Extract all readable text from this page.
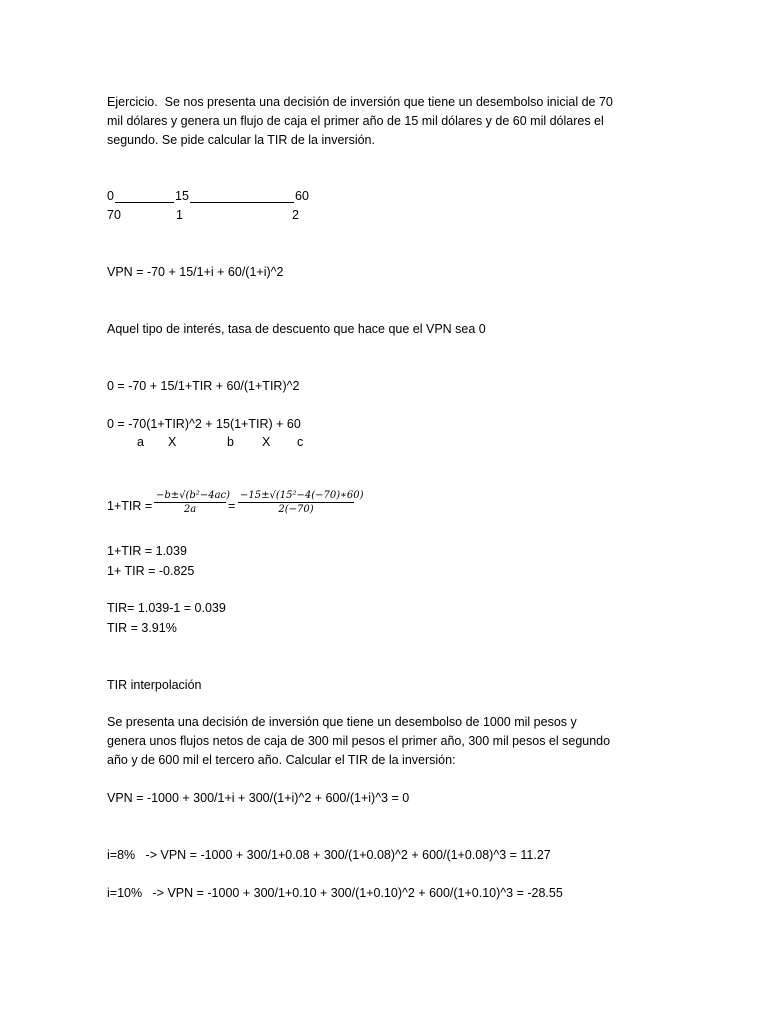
Ejercicio.  Se nos presenta una decisión de inversión que tiene un desembolso inicial de 70
mil dólares y genera un flujo de caja el primer año de 15 mil dólares y de 60 mil dólares el
segundo. Se pide calcular la TIR de la inversión.
0	15	60
70	1	2
VPN = -70 + 15/1+i + 60/(1+i)^2
Aquel tipo de interés, tasa de descuento que hace que el VPN sea 0
0 = -70 + 15/1+TIR + 60/(1+TIR)^2
0 = -70(1+TIR)^2 + 15(1+TIR) + 60
a X	b X c
$1+TIR = \frac{\text{−b±√(b²−4ac)}}{2a} = \frac{\text{−15±√(15²−4(−70)∗60)}}{2(-70)}$
1+TIR = 1.039
1+ TIR = -0.825
TIR= 1.039-1 = 0.039
TIR = 3.91%
TIR interpolación
Se presenta una decisión de inversión que tiene un desembolso de 1000 mil pesos y
genera unos flujos netos de caja de 300 mil pesos el primer año, 300 mil pesos el segundo
año y de 600 mil el tercero año. Calcular el TIR de la inversión:
VPN = -1000 + 300/1+i + 300/(1+i)^2 + 600/(1+i)^3 = 0
i=8%   -> VPN = -1000 + 300/1+0.08 + 300/(1+0.08)^2 + 600/(1+0.08)^3 = 11.27
i=10%   -> VPN = -1000 + 300/1+0.10 + 300/(1+0.10)^2 + 600/(1+0.10)^3 = -28.55
